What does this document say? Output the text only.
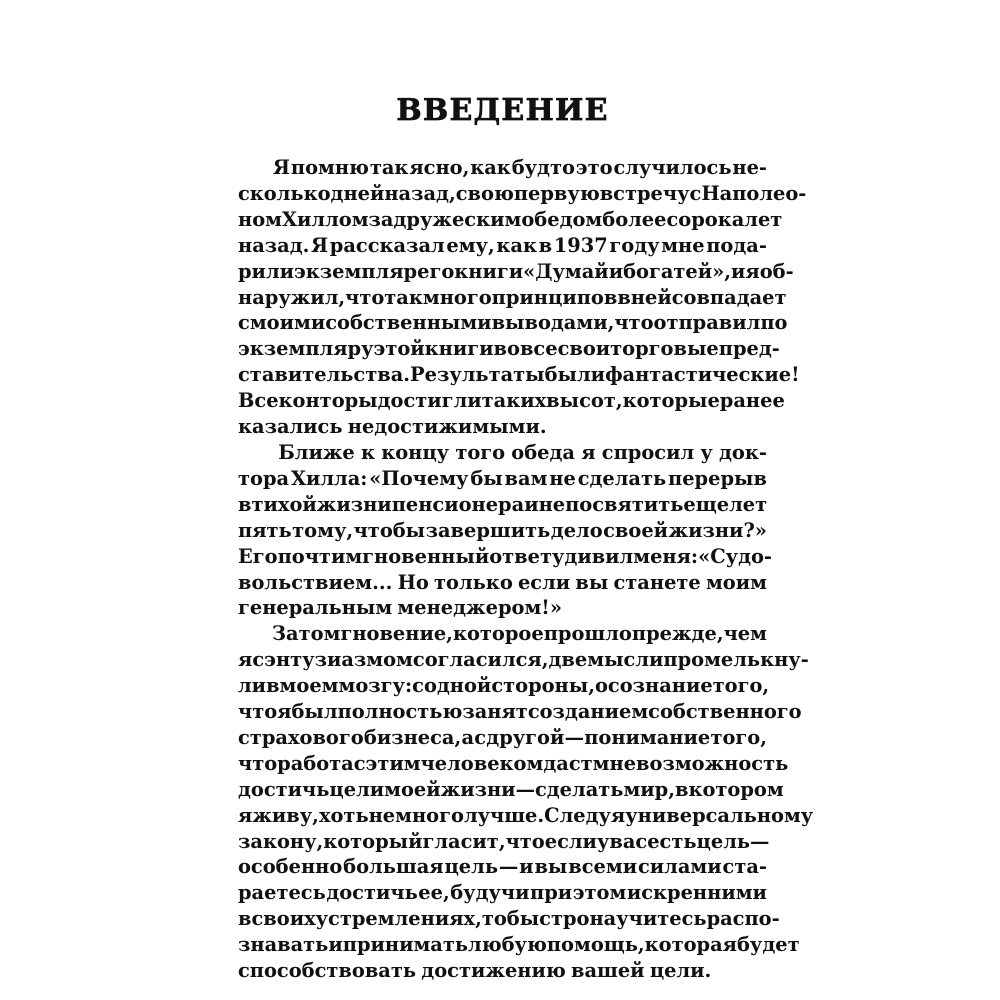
ВВЕДЕНИЕ

Я помню так ясно, как будто это случилось не-
сколько дней назад, свою первую встречу с Наполео-
ном Хиллом за дружеским обедом более сорока лет
назад. Я рассказал ему, как в 1937 году мне пода-
рили экземпляр его книги «Думай и богатей», и я об-
наружил, что так много принципов в ней совпадает
с моими собственными выводами, что отправил по
экземпляру этой книги во все свои торговые пред-
ставительства. Результаты были фантастические!
Все конторы достигли таких высот, которые ранее
казались недостижимыми.

Ближе к концу того обеда я спросил у док-
тора Хилла: «Почему бы вам не сделать перерыв
в тихой жизни пенсионера и не посвятить еще лет
пять тому, чтобы завершить дело своей жизни?»
Его почти мгновенный ответ удивил меня: «С удо-
вольствием... Но только если вы станете моим
генеральным менеджером!»

За то мгновение, которое прошло прежде, чем
я с энтузиазмом согласился, две мысли промелькну-
ли в моем мозгу: с одной стороны, осознание того,
что я был полностью занят созданием собственного
страхового бизнеса, а с другой — понимание того,
что работа с этим человеком даст мне возможность
достичь цели моей жизни — сделать мир, в котором
я живу, хоть немного лучше. Следуя универсальному
закону, который гласит, что если у вас есть цель —
особенно большая цель — и вы всеми силами ста-
раетесь достичь ее, будучи при этом искренними
в своих устремлениях, то быстро научитесь распо-
знавать и принимать любую помощь, которая будет
способствовать достижению вашей цели.
